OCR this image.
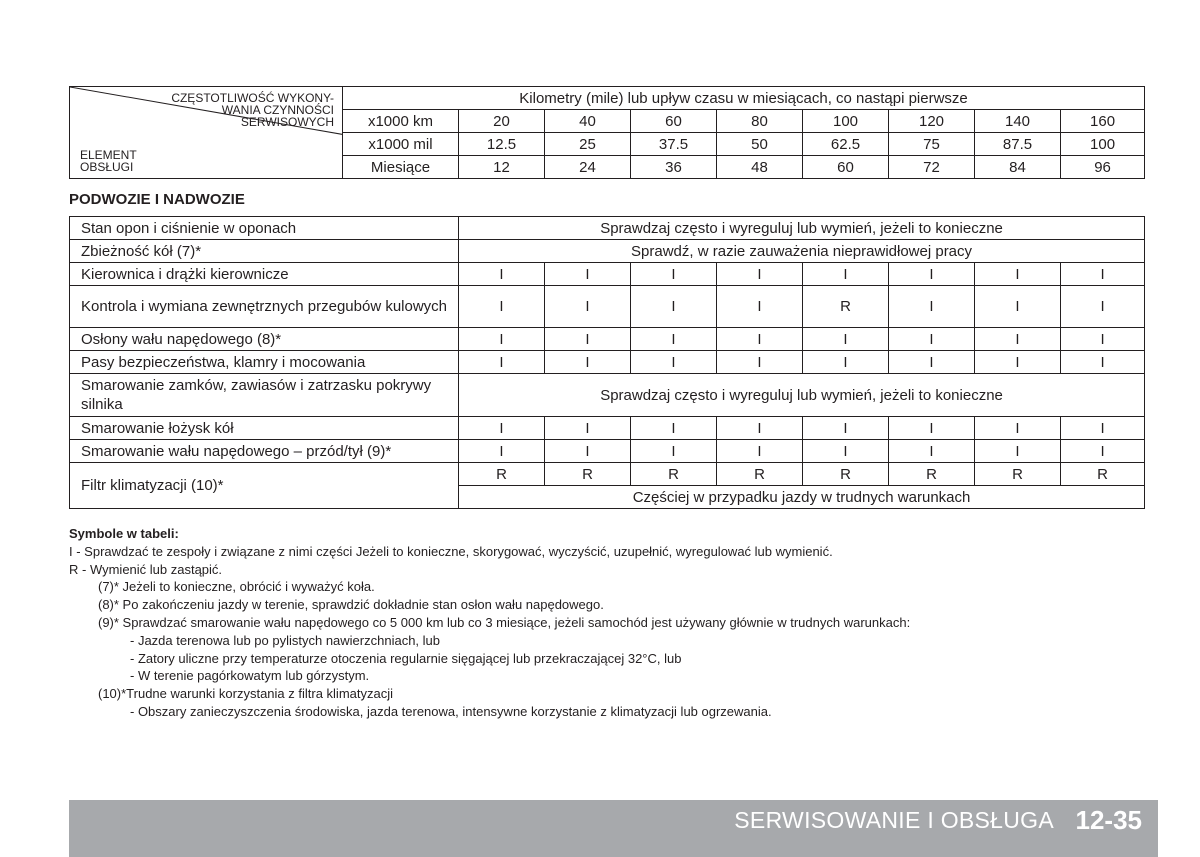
CZĘSTOTLIWOŚĆ WYKONY-
WANIA CZYNNOŚCI
SERWISOWYCH
ELEMENT
OBSŁUGI	Kilometry (mile) lub upływ czasu w miesiącach, co nastąpi pierwsze								
	x1000 km	20	40	60	80	100	120	140	160
	x1000 mil	12.5	25	37.5	50	62.5	75	87.5	100
	Miesiące	12	24	36	48	60	72	84	96
PODWOZIE I NADWOZIE
Stan opon i ciśnienie w oponach	Sprawdzaj często i wyreguluj lub wymień, jeżeli to konieczne							
Zbieżność kół (7)*	Sprawdź, w razie zauważenia nieprawidłowej pracy							
Kierownica i drążki kierownicze	I	I	I	I	I	I	I	I
Kontrola i wymiana zewnętrznych przegubów kulowych	I	I	I	I	R	I	I	I
Osłony wału napędowego (8)*	I	I	I	I	I	I	I	I
Pasy bezpieczeństwa, klamry i mocowania	I	I	I	I	I	I	I	I
Smarowanie zamków, zawiasów i zatrzasku pokrywy silnika	Sprawdzaj często i wyreguluj lub wymień, jeżeli to konieczne							
Smarowanie łożysk kół	I	I	I	I	I	I	I	I
Smarowanie wału napędowego – przód/tył (9)*	I	I	I	I	I	I	I	I
Filtr klimatyzacji (10)*	R	R	R	R	R	R	R	R
	Częściej w przypadku jazdy w trudnych warunkach							
Symbole w tabeli:
I - Sprawdzać te zespoły i związane z nimi części Jeżeli to konieczne, skorygować, wyczyścić, uzupełnić, wyregulować lub wymienić.
R - Wymienić lub zastąpić.
(7)* Jeżeli to konieczne, obrócić i wyważyć koła.
(8)* Po zakończeniu jazdy w terenie, sprawdzić dokładnie stan osłon wału napędowego.
(9)* Sprawdzać smarowanie wału napędowego co 5 000 km lub co 3 miesiące, jeżeli samochód jest używany głównie w trudnych warunkach:
- Jazda terenowa lub po pylistych nawierzchniach, lub
- Zatory uliczne przy temperaturze otoczenia regularnie sięgającej lub przekraczającej 32°C, lub
- W terenie pagórkowatym lub górzystym.
(10)*Trudne warunki korzystania z filtra klimatyzacji
- Obszary zanieczyszczenia środowiska, jazda terenowa, intensywne korzystanie z klimatyzacji lub ogrzewania.
SERWISOWANIE I OBSŁUGA 12-35
